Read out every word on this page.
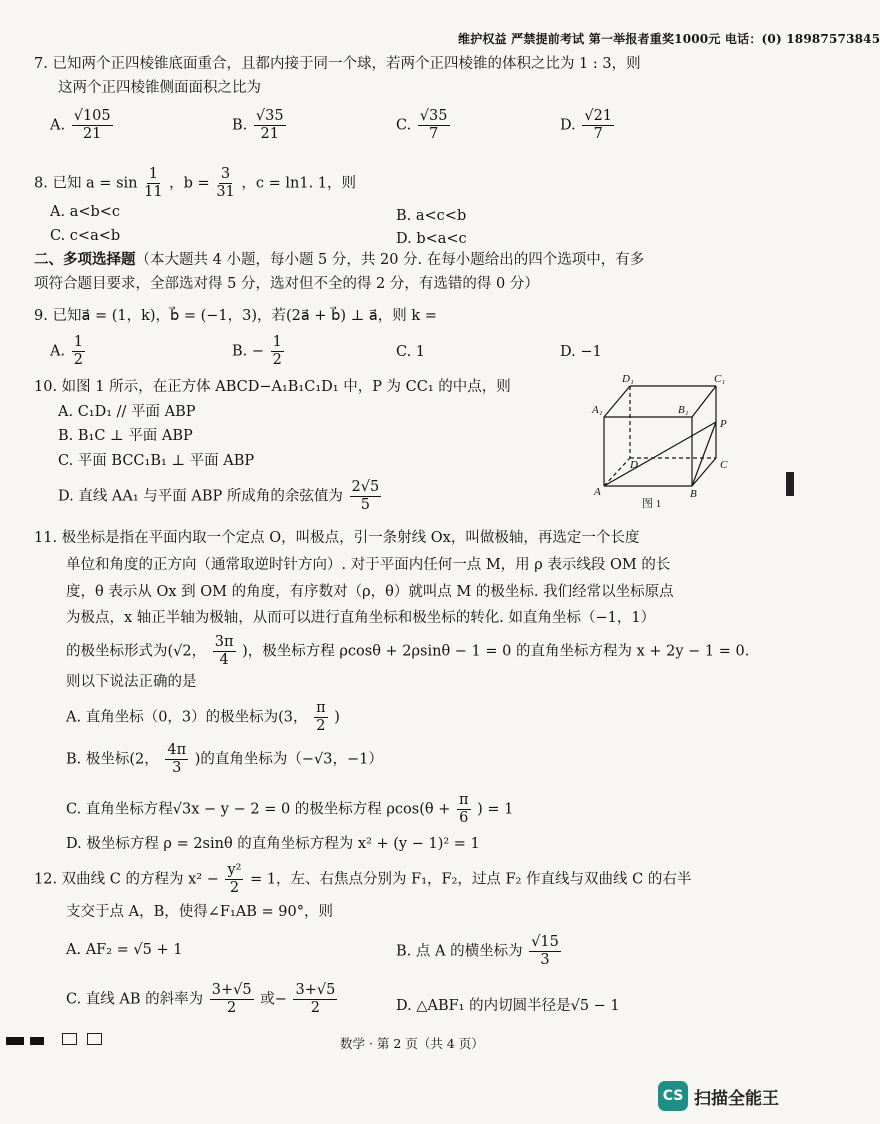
维护权益 严禁提前考试 第一举报者重奖1000元 电话：(0) 18987573845
7. 已知两个正四棱锥底面重合，且都内接于同一个球，若两个正四棱锥的体积之比为 1 : 3，则
这两个正四棱锥侧面面积之比为
A. $\frac{√105}{21}$	B. $\frac{√35}{21}$	C. $\frac{√35}{7}$	D. $\frac{√21}{7}$
8. 已知 $a = \sin \frac{1}{11}$ ，$b = \frac{3}{31}$ ，c = ln1. 1，则
A. a<b<c	B. a<c<b
C. c<a<b	D. b<a<c
二、多项选择题（本大题共 4 小题，每小题 5 分，共 20 分. 在每小题给出的四个选项中，有多
项符合题目要求，全部选对得 5 分，选对但不全的得 2 分，有选错的得 0 分）
9. 已知a⃗ = (1，k)，b⃗ = (−1，3)，若(2a⃗ + b⃗) ⊥ a⃗，则 k =
A. $\frac{1}{2}$	B. − $\frac{1}{2}$	C. 1	D. −1
10. 如图 1 所示，在正方体 ABCD−A₁B₁C₁D₁ 中，P 为 CC₁ 的中点，则
A. C₁D₁ // 平面 ABP
B. B₁C ⊥ 平面 ABP
C. 平面 BCC₁B₁ ⊥ 平面 ABP
D. 直线 AA₁ 与平面 ABP 所成角的余弦值为 $\frac{2√5}{5}$
D₁	C₁
A₁	B₁
P
D	C
A	B
图 1
11. 极坐标是指在平面内取一个定点 O，叫极点，引一条射线 Ox，叫做极轴，再选定一个长度
单位和角度的正方向（通常取逆时针方向）. 对于平面内任何一点 M，用 ρ 表示线段 OM 的长
度，θ 表示从 Ox 到 OM 的角度，有序数对（ρ，θ）就叫点 M 的极坐标. 我们经常以坐标原点
为极点，x 轴正半轴为极轴，从而可以进行直角坐标和极坐标的转化. 如直角坐标（−1，1）
的极坐标形式为(√2， $\frac{3\pi}{4}$ )，极坐标方程 ρcosθ + 2ρsinθ − 1 = 0 的直角坐标方程为 x + 2y − 1 = 0.
则以下说法正确的是
A. 直角坐标（0，3）的极坐标为(3， $\frac{\pi}{2}$ )
B. 极坐标(2， $\frac{4\pi}{3}$ )的直角坐标为（−√3，−1）
C. 直角坐标方程√3x − y − 2 = 0 的极坐标方程 $\rho\cos(\theta + \frac{\pi}{6}$ ) = 1
D. 极坐标方程 ρ = 2sinθ 的直角坐标方程为 x² + (y − 1)² = 1
12. 双曲线 C 的方程为 $x^2 - \frac{\text{y²}}{2} = 1$，左、右焦点分别为 F₁，F₂，过点 F₂ 作直线与双曲线 C 的右半
支交于点 A，B，使得∠F₁AB = 90°，则
A. AF₂ = √5 + 1	B. 点 A 的横坐标为 $\frac{√15}{3}$
C. 直线 AB 的斜率为 $\frac{3+√5}{2}$ 或− $\frac{3+√5}{2}$	D. △ABF₁ 的内切圆半径是√5 − 1
数学 · 第 2 页（共 4 页）
CS 扫描全能王
